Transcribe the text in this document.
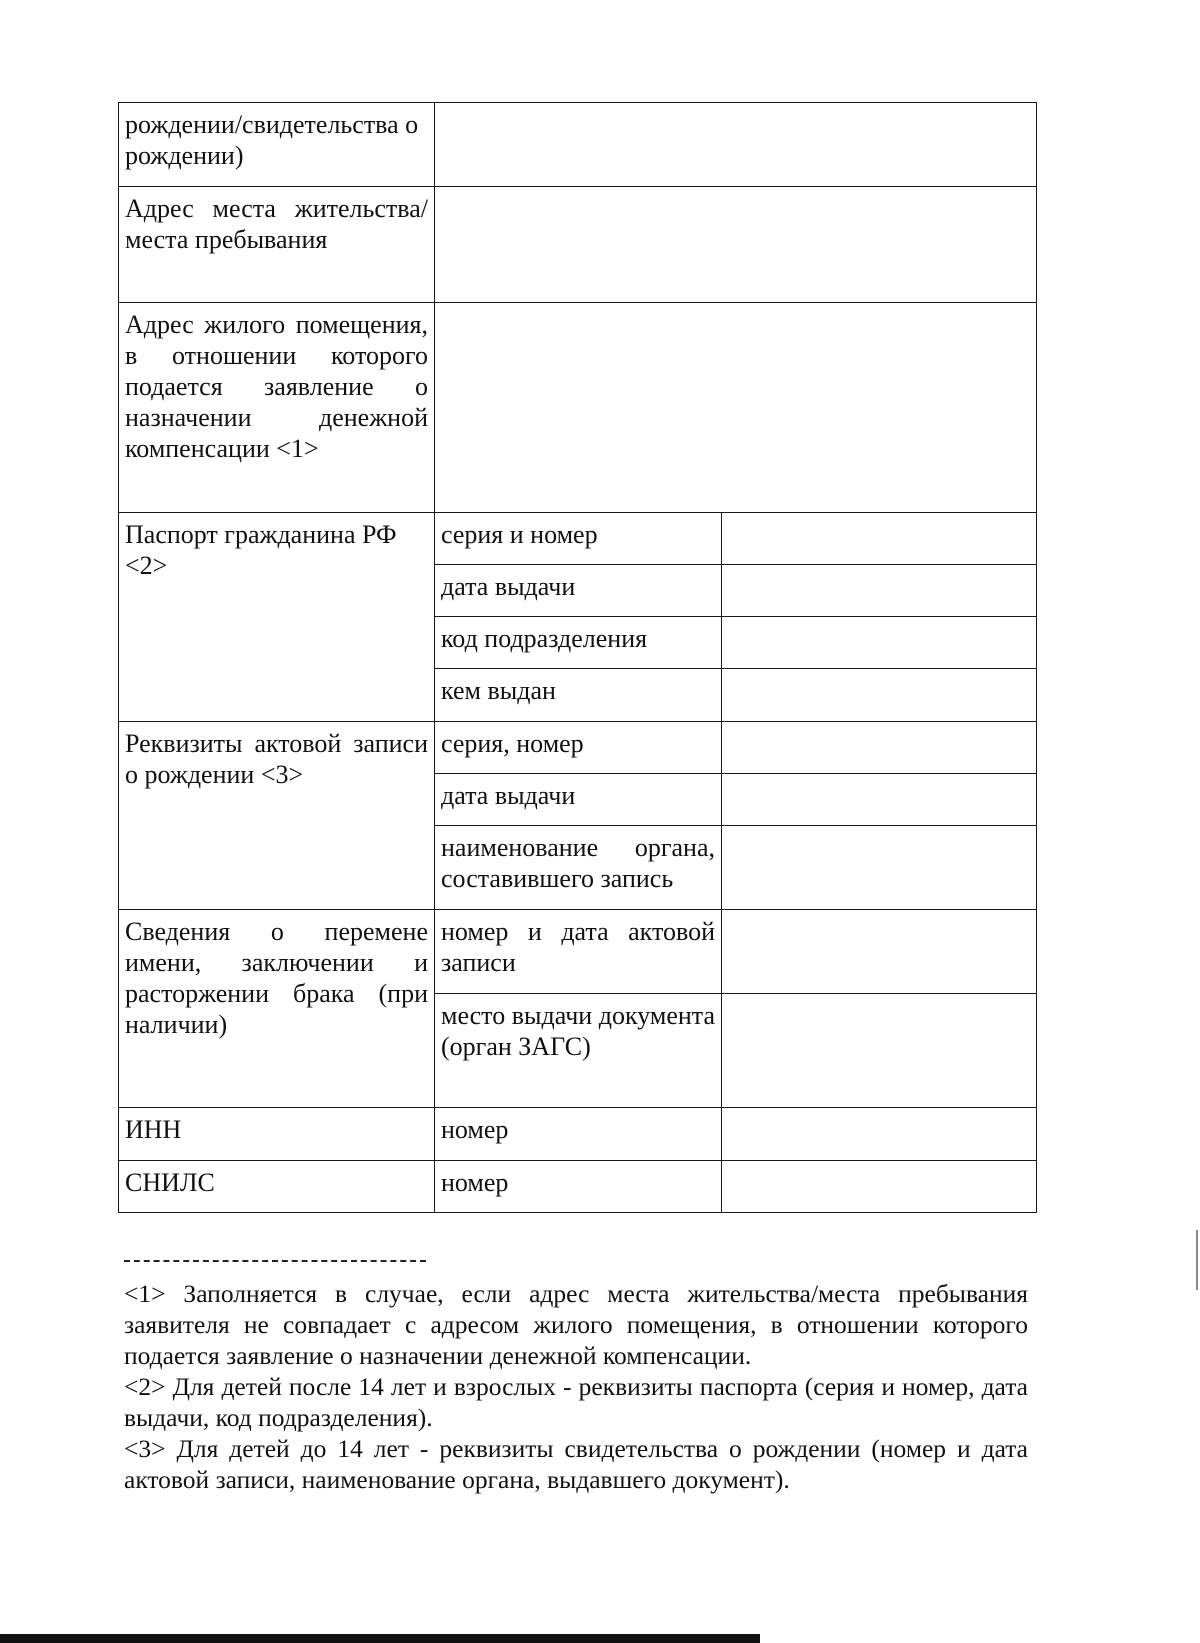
рождении/свидетельства о рождении)		
Адрес места жительства/места пребывания		
Адрес жилого помещения, в отношении которого подается заявление о назначении денежной компенсации <1>		
Паспорт гражданина РФ <2>	серия и номер	
	дата выдачи	
	код подразделения	
	кем выдан	
Реквизиты актовой записи о рождении <3>	серия, номер	
	дата выдачи	
	наименование органа, составившего запись	
Сведения о перемене имени, заключении и расторжении брака (при наличии)	номер и дата актовой записи	
	место выдачи документа (орган ЗАГС)	
ИНН	номер	
СНИЛС	номер	

<1> Заполняется в случае, если адрес места жительства/места пребывания заявителя не совпадает с адресом жилого помещения, в отношении которого подается заявление о назначении денежной компенсации.

<2> Для детей после 14 лет и взрослых - реквизиты паспорта (серия и номер, дата выдачи, код подразделения).

<3> Для детей до 14 лет - реквизиты свидетельства о рождении (номер и дата актовой записи, наименование органа, выдавшего документ).
